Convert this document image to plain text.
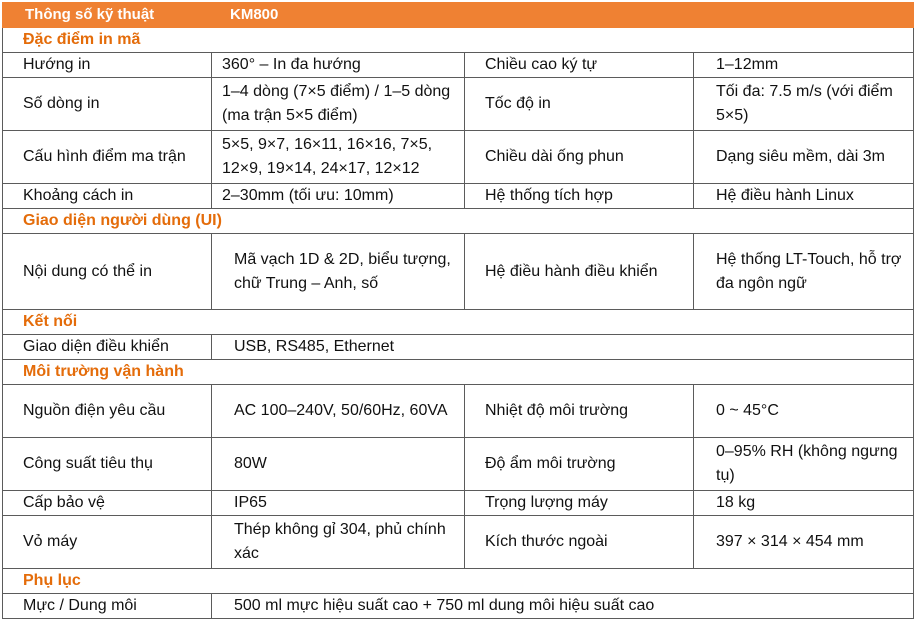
Thông số kỹ thuật	KM800		
Đặc điểm in mã			
Hướng in	360° – In đa hướng	Chiều cao ký tự	1–12mm
Số dòng in	1–4 dòng (7×5 điểm) / 1–5 dòng (ma trận 5×5 điểm)	Tốc độ in	Tối đa: 7.5 m/s (với điểm 5×5)
Cấu hình điểm ma trận	5×5, 9×7, 16×11, 16×16, 7×5, 12×9, 19×14, 24×17, 12×12	Chiều dài ống phun	Dạng siêu mềm, dài 3m
Khoảng cách in	2–30mm (tối ưu: 10mm)	Hệ thống tích hợp	Hệ điều hành Linux
Giao diện người dùng (UI)			
Nội dung có thể in	Mã vạch 1D & 2D, biểu tượng, chữ Trung – Anh, số	Hệ điều hành điều khiển	Hệ thống LT-Touch, hỗ trợ đa ngôn ngữ
Kết nối			
Giao diện điều khiển	USB, RS485, Ethernet		
Môi trường vận hành			
Nguồn điện yêu cầu	AC 100–240V, 50/60Hz, 60VA	Nhiệt độ môi trường	0 ~ 45°C
Công suất tiêu thụ	80W	Độ ẩm môi trường	0–95% RH (không ngưng tụ)
Cấp bảo vệ	IP65	Trọng lượng máy	18 kg
Vỏ máy	Thép không gỉ 304, phủ chính xác	Kích thước ngoài	397 × 314 × 454 mm
Phụ lục			
Mực / Dung môi	500 ml mực hiệu suất cao + 750 ml dung môi hiệu suất cao		
